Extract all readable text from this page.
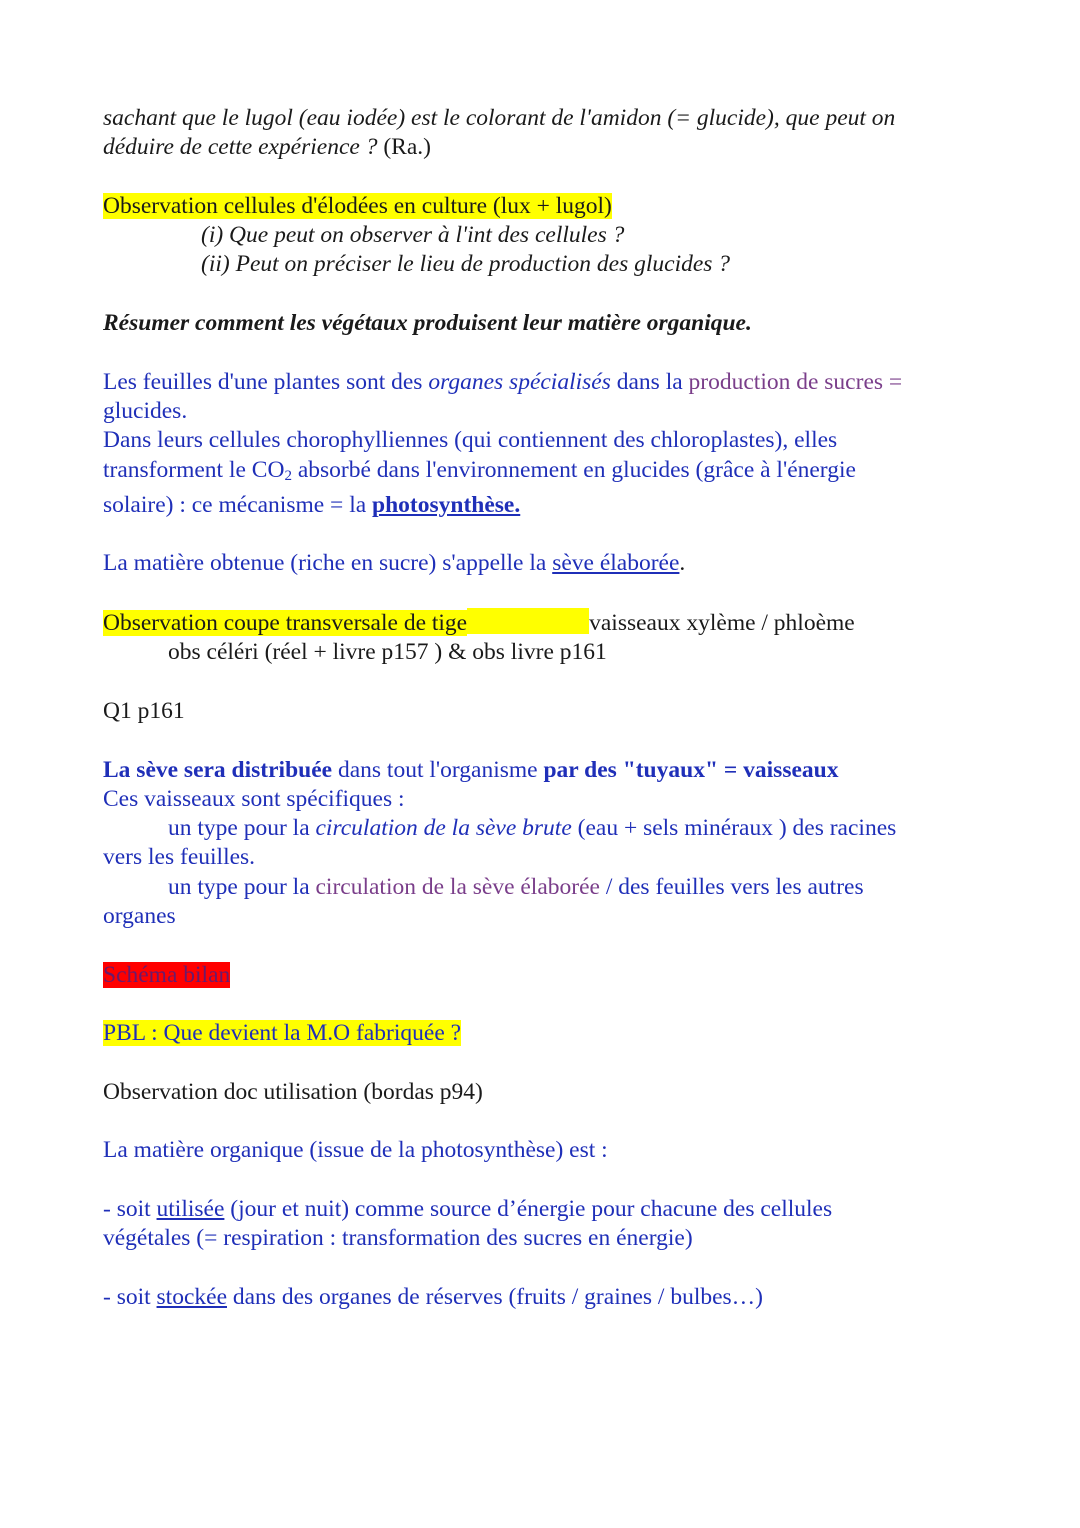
sachant que le lugol (eau iodée) est le colorant de l'amidon (= glucide), que peut on
déduire de cette expérience ? (Ra.)
Observation cellules d'élodées en culture (lux + lugol)
(i) Que peut on observer à l'int des cellules ?
(ii) Peut on préciser le lieu de production des glucides ?
Résumer comment les végétaux produisent leur matière organique.
Les feuilles d'une plantes sont des organes spécialisés dans la production de sucres =
glucides.
Dans leurs cellules chorophylliennes (qui contiennent des chloroplastes), elles
transforment le $CO_2$ absorbé dans l'environnement en glucides (grâce à l'énergie
solaire) : ce mécanisme = la photosynthèse.
La matière obtenue (riche en sucre) s'appelle la sève élaborée.
Observation coupe transversale de tige	vaisseaux xylème / phloème
obs céléri (réel + livre p157 ) & obs livre p161
Q1 p161
La sève sera distribuée dans tout l'organisme par des "tuyaux" = vaisseaux
Ces vaisseaux sont spécifiques :
un type pour la circulation de la sève brute (eau + sels minéraux ) des racines
vers les feuilles.
un type pour la circulation de la sève élaborée / des feuilles vers les autres
organes
Schéma bilan
PBL : Que devient la M.O fabriquée ?
Observation doc utilisation (bordas p94)
La matière organique (issue de la photosynthèse) est :
- soit utilisée (jour et nuit) comme source d’énergie pour chacune des cellules
végétales (= respiration : transformation des sucres en énergie)
- soit stockée dans des organes de réserves (fruits / graines / bulbes…)
